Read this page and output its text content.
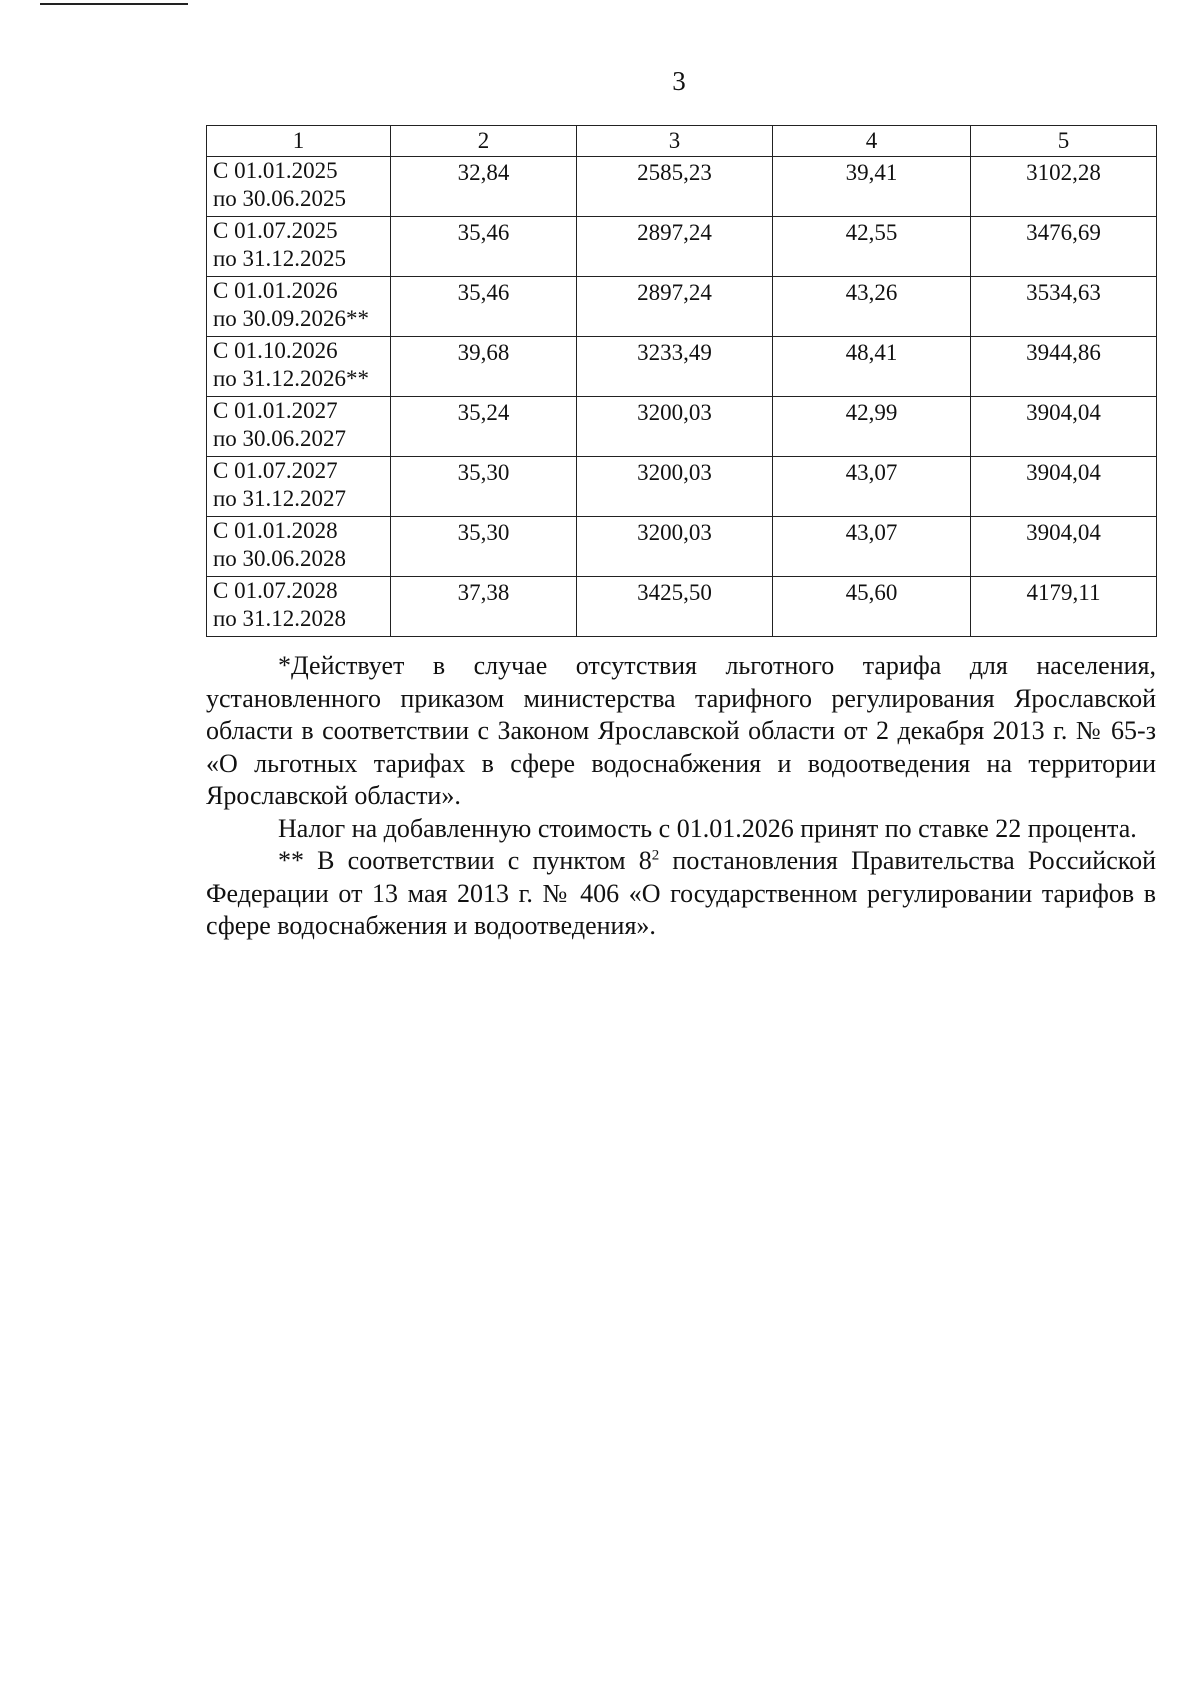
3
1	2	3	4	5

С 01.01.2025
по 30.06.2025	32,84	2585,23	39,41	3102,28

С 01.07.2025
по 31.12.2025	35,46	2897,24	42,55	3476,69

С 01.01.2026
по 30.09.2026**	35,46	2897,24	43,26	3534,63

С 01.10.2026
по 31.12.2026**	39,68	3233,49	48,41	3944,86

С 01.01.2027
по 30.06.2027	35,24	3200,03	42,99	3904,04

С 01.07.2027
по 31.12.2027	35,30	3200,03	43,07	3904,04

С 01.01.2028
по 30.06.2028	35,30	3200,03	43,07	3904,04

С 01.07.2028
по 31.12.2028	37,38	3425,50	45,60	4179,11

*Действует в случае отсутствия льготного тарифа для населения, установленного приказом министерства тарифного регулирования Ярославской области в соответствии с Законом Ярославской области от 2 декабря 2013 г. № 65-з «О льготных тарифах в сфере водоснабжения и водоотведения на территории Ярославской области».

Налог на добавленную стоимость с 01.01.2026 принят по ставке 22 процента.

** В соответствии с пунктом $8^2$ постановления Правительства Российской Федерации от 13 мая 2013 г. № 406 «О государственном регулировании тарифов в сфере водоснабжения и водоотведения».
